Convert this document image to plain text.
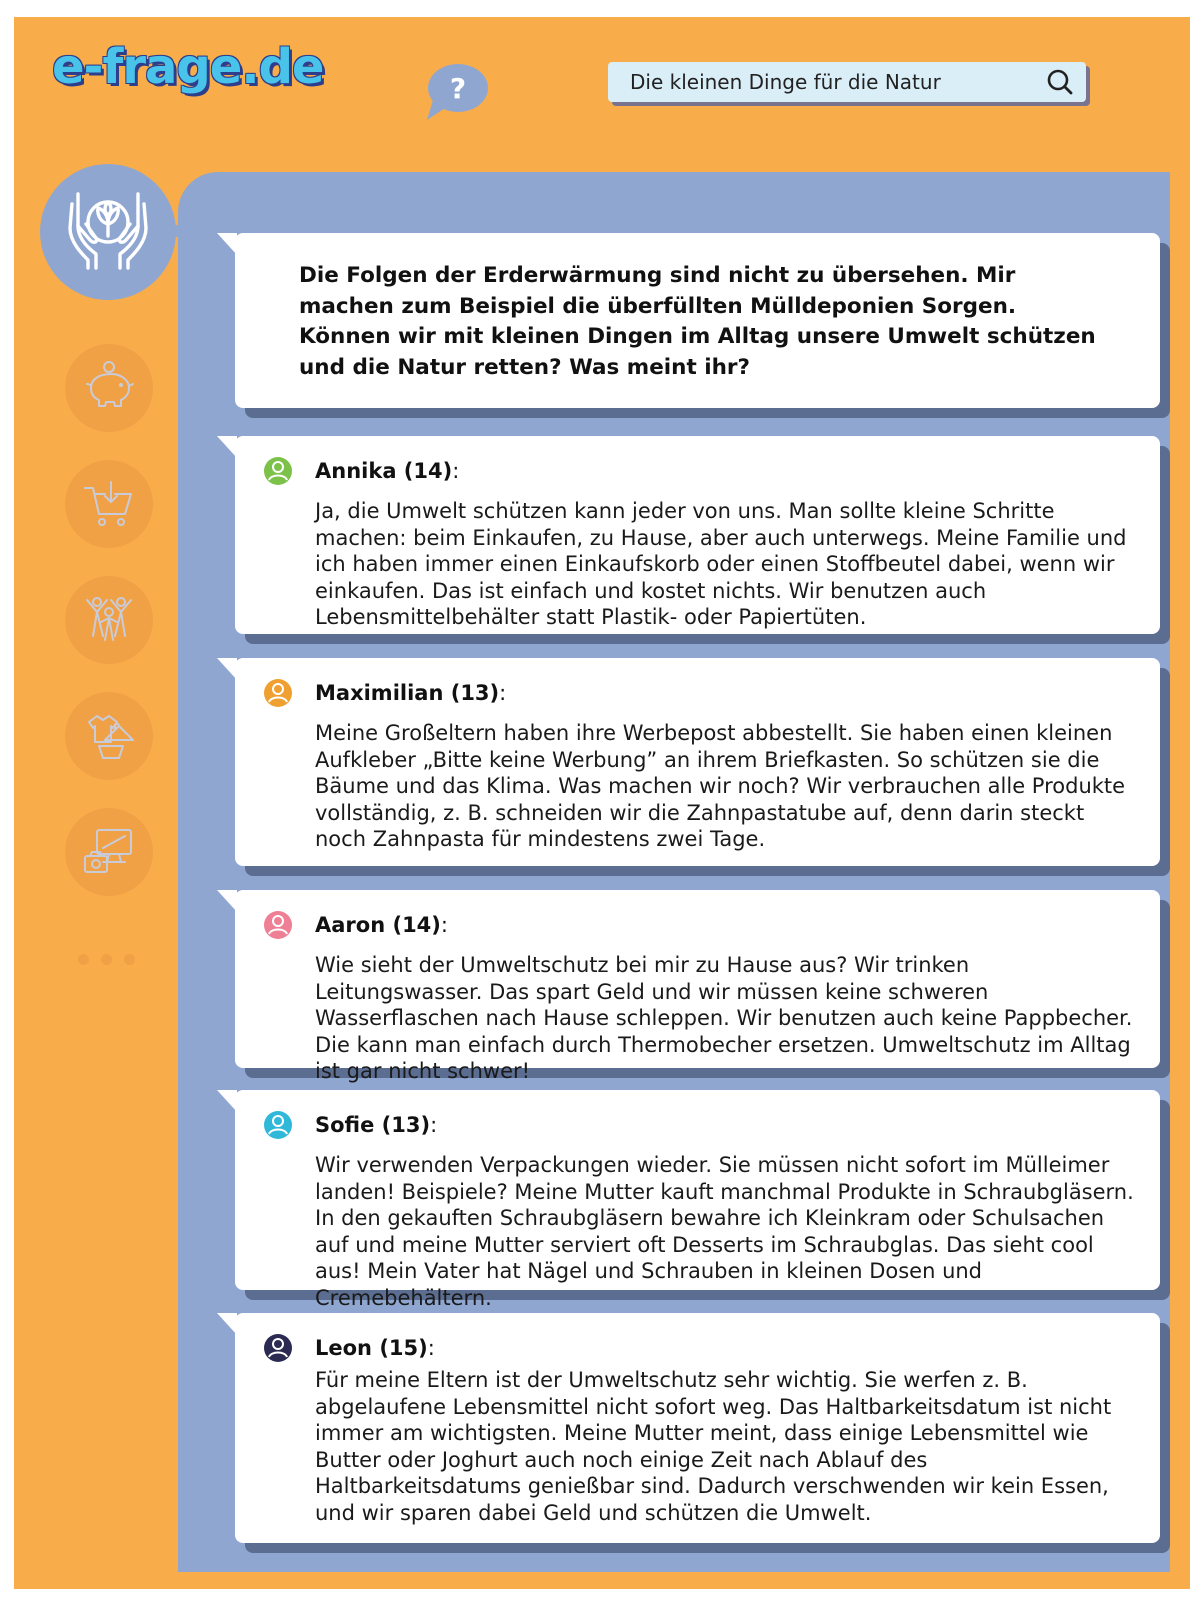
e-frage.de	?
Die kleinen Dinge für die Natur
Die Folgen der Erderwärmung sind nicht zu übersehen. Mir machen zum Beispiel die überfüllten Mülldeponien Sorgen. Können wir mit kleinen Dingen im Alltag unsere Umwelt schützen und die Natur retten? Was meint ihr?
Annika (14):
Ja, die Umwelt schützen kann jeder von uns. Man sollte kleine Schritte machen: beim Einkaufen, zu Hause, aber auch unterwegs. Meine Familie und ich haben immer einen Einkaufskorb oder einen Stoffbeutel dabei, wenn wir einkaufen. Das ist einfach und kostet nichts. Wir benutzen auch Lebensmittelbehälter statt Plastik- oder Papiertüten.
Maximilian (13):
Meine Großeltern haben ihre Werbepost abbestellt. Sie haben einen kleinen Aufkleber „Bitte keine Werbung” an ihrem Briefkasten. So schützen sie die Bäume und das Klima. Was machen wir noch? Wir verbrauchen alle Produkte vollständig, z. B. schneiden wir die Zahnpastatube auf, denn darin steckt noch Zahnpasta für mindestens zwei Tage.
Aaron (14):
Wie sieht der Umweltschutz bei mir zu Hause aus? Wir trinken Leitungswasser. Das spart Geld und wir müssen keine schweren Wasserflaschen nach Hause schleppen. Wir benutzen auch keine Pappbecher. Die kann man einfach durch Thermobecher ersetzen. Umweltschutz im Alltag ist gar nicht schwer!
Sofie (13):
Wir verwenden Verpackungen wieder. Sie müssen nicht sofort im Mülleimer landen! Beispiele? Meine Mutter kauft manchmal Produkte in Schraubgläsern. In den gekauften Schraubgläsern bewahre ich Kleinkram oder Schulsachen auf und meine Mutter serviert oft Desserts im Schraubglas. Das sieht cool aus! Mein Vater hat Nägel und Schrauben in kleinen Dosen und Cremebehältern.
Leon (15):
Für meine Eltern ist der Umweltschutz sehr wichtig. Sie werfen z. B. abgelaufene Lebensmittel nicht sofort weg. Das Haltbarkeitsdatum ist nicht immer am wichtigsten. Meine Mutter meint, dass einige Lebensmittel wie Butter oder Joghurt auch noch einige Zeit nach Ablauf des Haltbarkeitsdatums genießbar sind. Dadurch verschwenden wir kein Essen, und wir sparen dabei Geld und schützen die Umwelt.
